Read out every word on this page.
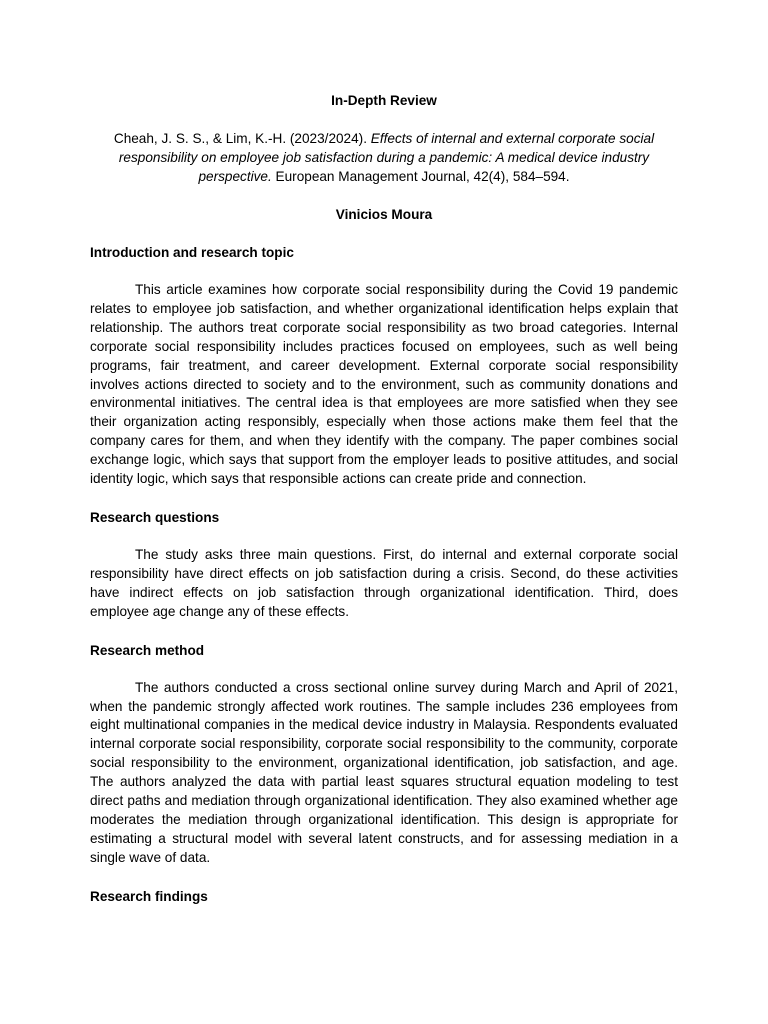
In-Depth Review
Cheah, J. S. S., & Lim, K.-H. (2023/2024). Effects of internal and external corporate social responsibility on employee job satisfaction during a pandemic: A medical device industry perspective. European Management Journal, 42(4), 584–594.
Vinicios Moura
Introduction and research topic

This article examines how corporate social responsibility during the Covid 19 pandemic relates to employee job satisfaction, and whether organizational identification helps explain that relationship. The authors treat corporate social responsibility as two broad categories. Internal corporate social responsibility includes practices focused on employees, such as well being programs, fair treatment, and career development. External corporate social responsibility involves actions directed to society and to the environment, such as community donations and environmental initiatives. The central idea is that employees are more satisfied when they see their organization acting responsibly, especially when those actions make them feel that the company cares for them, and when they identify with the company. The paper combines social exchange logic, which says that support from the employer leads to positive attitudes, and social identity logic, which says that responsible actions can create pride and connection.

Research questions

The study asks three main questions. First, do internal and external corporate social responsibility have direct effects on job satisfaction during a crisis. Second, do these activities have indirect effects on job satisfaction through organizational identification. Third, does employee age change any of these effects.

Research method

The authors conducted a cross sectional online survey during March and April of 2021, when the pandemic strongly affected work routines. The sample includes 236 employees from eight multinational companies in the medical device industry in Malaysia. Respondents evaluated internal corporate social responsibility, corporate social responsibility to the community, corporate social responsibility to the environment, organizational identification, job satisfaction, and age. The authors analyzed the data with partial least squares structural equation modeling to test direct paths and mediation through organizational identification. They also examined whether age moderates the mediation through organizational identification. This design is appropriate for estimating a structural model with several latent constructs, and for assessing mediation in a single wave of data.

Research findings
